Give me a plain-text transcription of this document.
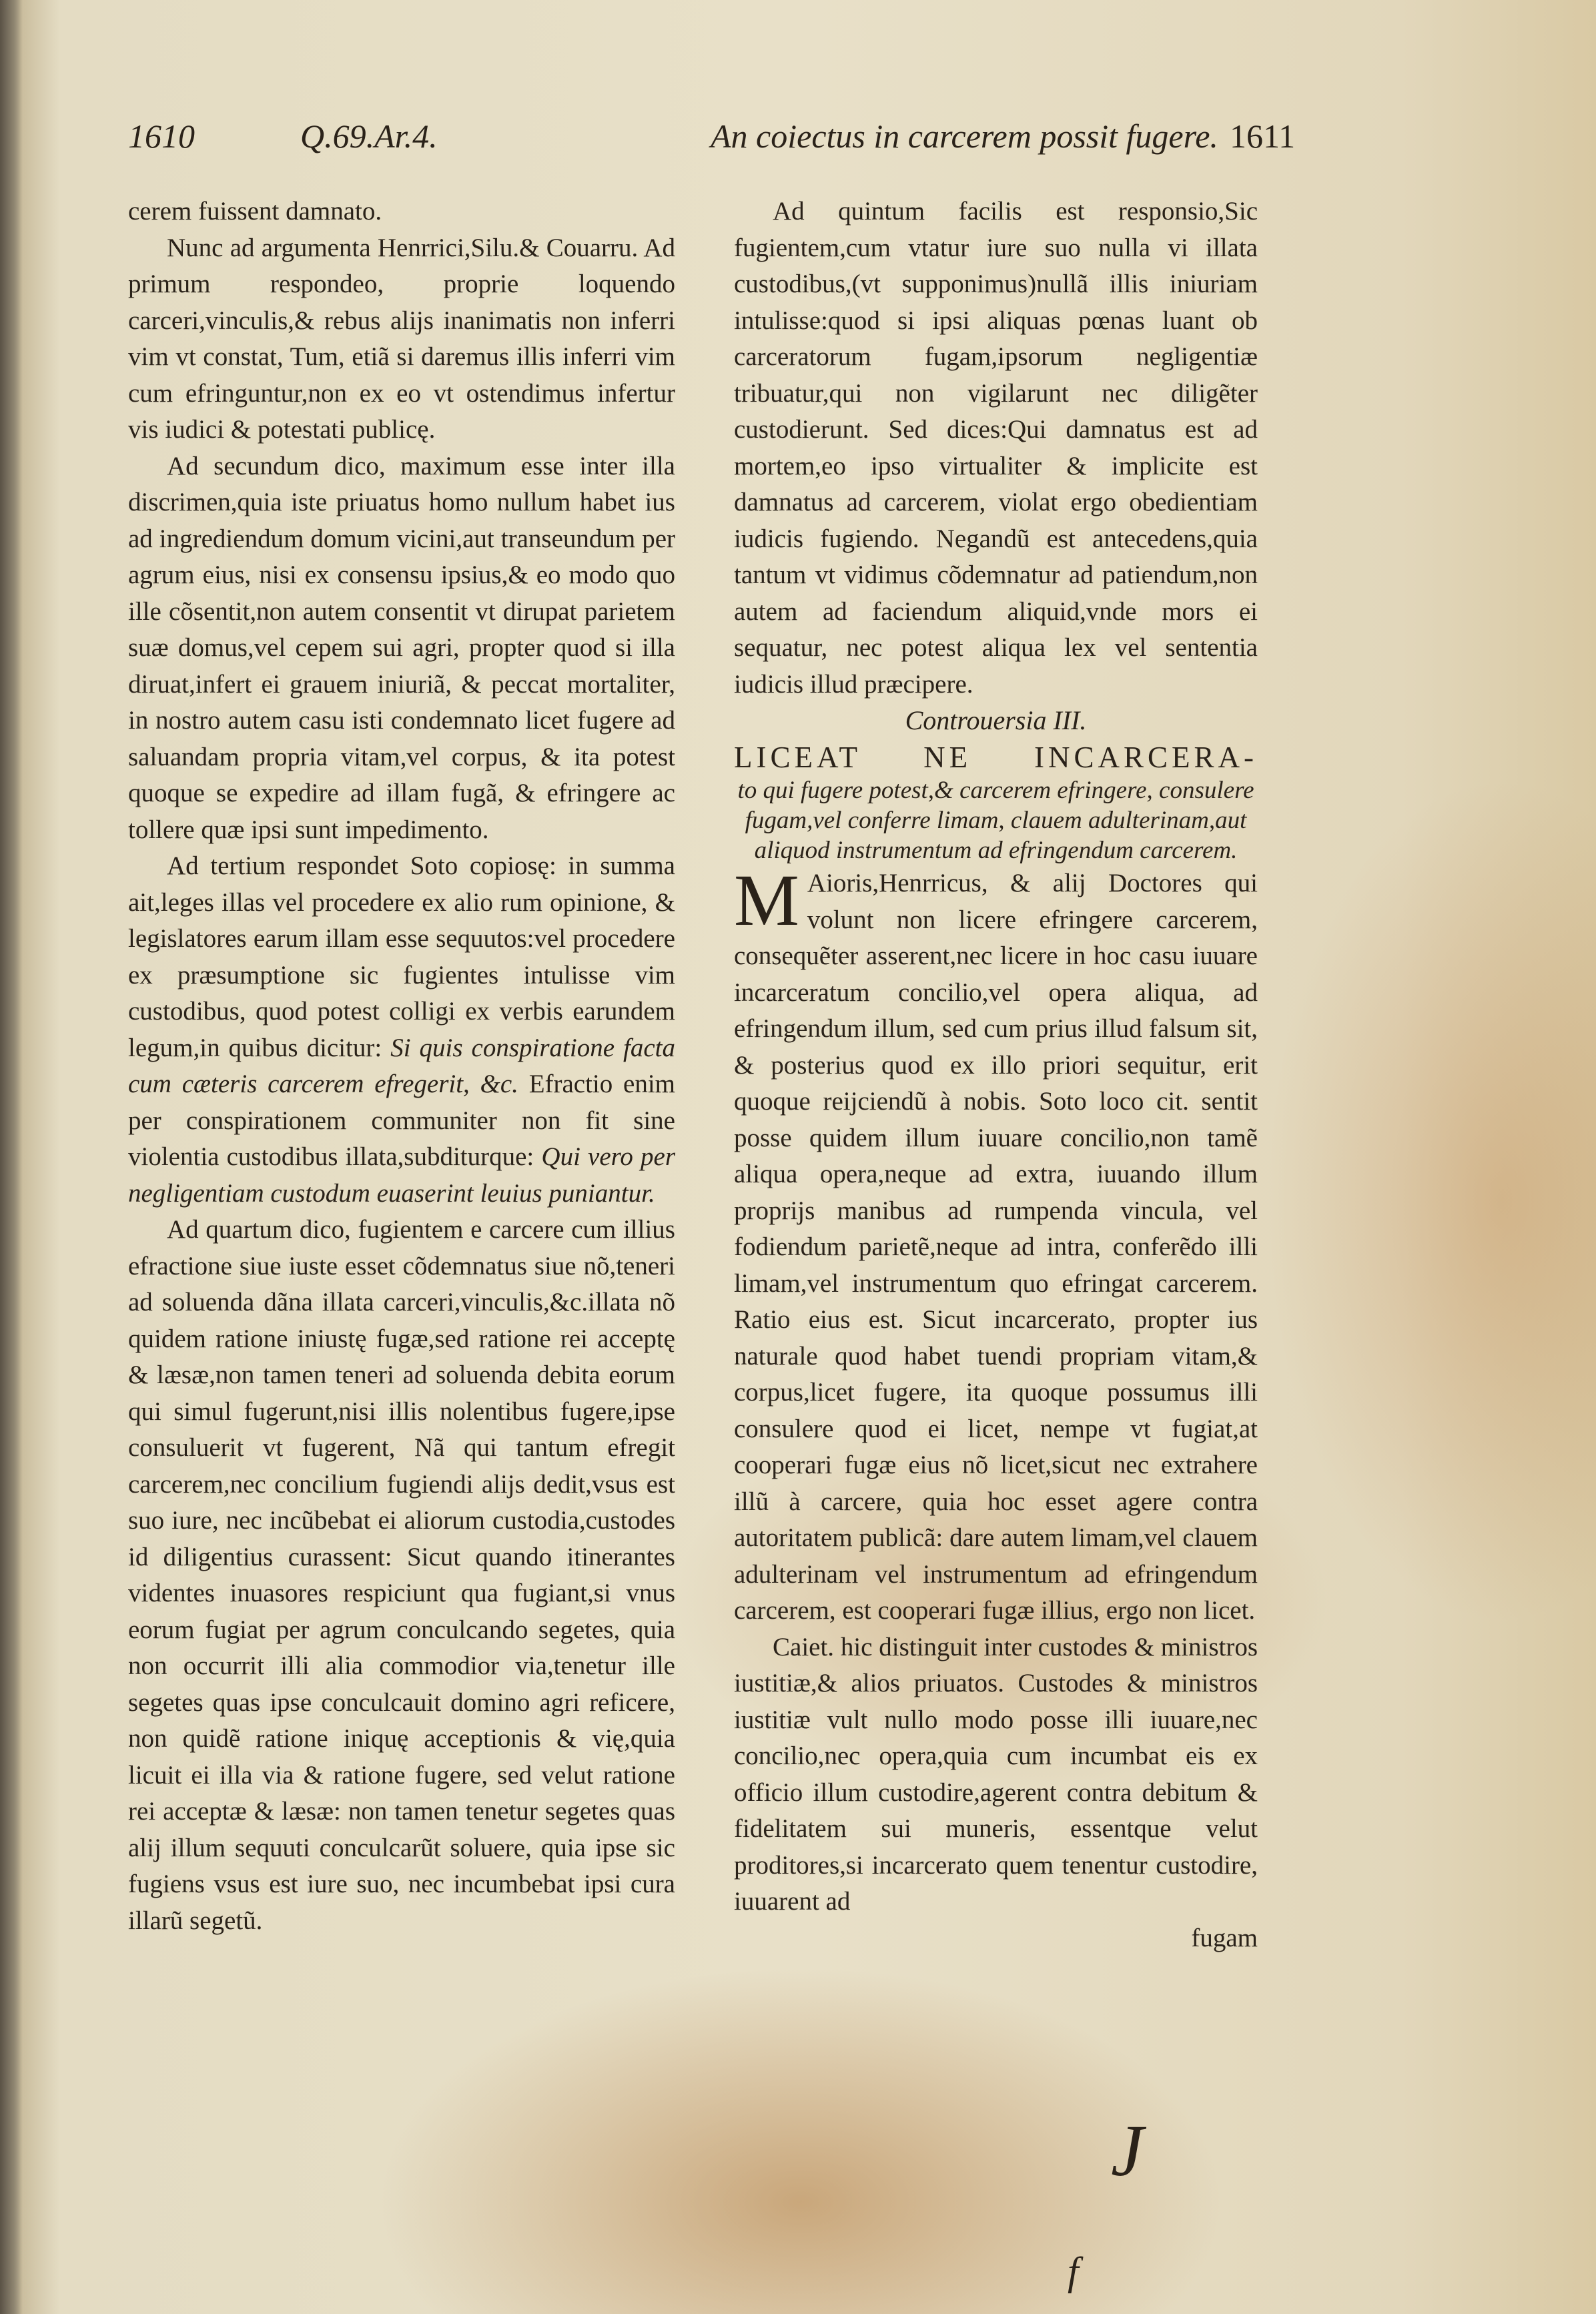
1610	Q.69.Ar.4.	An coiectus in carcerem possit fugere. 1611

cerem fuissent damnato.

Nunc ad argumenta Henrrici,Silu.& Couarru. Ad primum respondeo, proprie loquendo carceri,vinculis,& rebus alijs inanimatis non inferri vim vt constat, Tum, etiã si daremus illis inferri vim cum efringuntur,non ex eo vt ostendimus infertur vis iudici & potestati publicę.

Ad secundum dico, maximum esse inter illa discrimen,quia iste priuatus homo nullum habet ius ad ingrediendum domum vicini,aut transeundum per agrum eius, nisi ex consensu ipsius,& eo modo quo ille cõsentit,non autem consentit vt dirupat parietem suæ domus,vel cepem sui agri, propter quod si illa diruat,infert ei grauem iniuriã, & peccat mortaliter, in nostro autem casu isti condemnato licet fugere ad saluandam propria vitam,vel corpus, & ita potest quoque se expedire ad illam fugã, & efringere ac tollere quæ ipsi sunt impedimento.

Ad tertium respondet Soto copiosę: in summa ait,leges illas vel procedere ex alio rum opinione, & legislatores earum illam esse sequutos:vel procedere ex præsumptione sic fugientes intulisse vim custodibus, quod potest colligi ex verbis earundem legum,in quibus dicitur: Si quis conspiratione facta cum cæteris carcerem efregerit, &c. Efractio enim per conspirationem communiter non fit sine violentia custodibus illata,subditurque: Qui vero per negligentiam custodum euaserint leuius puniantur.

Ad quartum dico, fugientem e carcere cum illius efractione siue iuste esset cõdemnatus siue nõ,teneri ad soluenda dãna illata carceri,vinculis,&c.illata nõ quidem ratione iniustę fugæ,sed ratione rei acceptę & læsæ,non tamen teneri ad soluenda debita eorum qui simul fugerunt,nisi illis nolentibus fugere,ipse consuluerit vt fugerent, Nã qui tantum efregit carcerem,nec concilium fugiendi alijs dedit,vsus est suo iure, nec incũbebat ei aliorum custodia,custodes id diligentius curassent: Sicut quando itinerantes videntes inuasores respiciunt qua fugiant,si vnus eorum fugiat per agrum conculcando segetes, quia non occurrit illi alia commodior via,tenetur ille segetes quas ipse conculcauit domino agri reficere, non quidẽ ratione iniquę acceptionis & vię,quia licuit ei illa via & ratione fugere, sed velut ratione rei acceptæ & læsæ: non tamen tenetur segetes quas alij illum sequuti conculcarũt soluere, quia ipse sic fugiens vsus est iure suo, nec incumbebat ipsi cura illarũ segetũ.

Ad quintum facilis est responsio,Sic fugientem,cum vtatur iure suo nulla vi illata custodibus,(vt supponimus)nullã illis iniuriam intulisse:quod si ipsi aliquas pœnas luant ob carceratorum fugam,ipsorum negligentiæ tribuatur,qui non vigilarunt nec diligẽter custodierunt. Sed dices:Qui damnatus est ad mortem,eo ipso virtualiter & implicite est damnatus ad carcerem, violat ergo obedientiam iudicis fugiendo. Negandũ est antecedens,quia tantum vt vidimus cõdemnatur ad patiendum,non autem ad faciendum aliquid,vnde mors ei sequatur, nec potest aliqua lex vel sententia iudicis illud præcipere.

Controuersia III.

LICEAT NE INCARCERA-

to qui fugere potest,& carcerem efringere, consulere fugam,vel conferre limam, clauem adulterinam,aut aliquod instrumentum ad efringendum carcerem.

M Aioris,Henrricus, & alij Doctores qui volunt non licere efringere carcerem, consequẽter asserent,nec licere in hoc casu iuuare incarceratum concilio,vel opera aliqua, ad efringendum illum, sed cum prius illud falsum sit, & posterius quod ex illo priori sequitur, erit quoque reijciendũ à nobis. Soto loco cit. sentit posse quidem illum iuuare concilio,non tamẽ aliqua opera,neque ad extra, iuuando illum proprijs manibus ad rumpenda vincula, vel fodiendum parietẽ,neque ad intra, conferẽdo illi limam,vel instrumentum quo efringat carcerem. Ratio eius est. Sicut incarcerato, propter ius naturale quod habet tuendi propriam vitam,& corpus,licet fugere, ita quoque possumus illi consulere quod ei licet, nempe vt fugiat,at cooperari fugæ eius nõ licet,sicut nec extrahere illũ à carcere, quia hoc esset agere contra autoritatem publicã: dare autem limam,vel clauem adulterinam vel instrumentum ad efringendum carcerem, est cooperari fugæ illius, ergo non licet.

Caiet. hic distinguit inter custodes & ministros iustitiæ,& alios priuatos. Custodes & ministros iustitiæ vult nullo modo posse illi iuuare,nec concilio,nec opera,quia cum incumbat eis ex officio illum custodire,agerent contra debitum & fidelitatem sui muneris, essentque velut proditores,si incarcerato quem tenentur custodire, iuuarent ad

fugam

J
f
